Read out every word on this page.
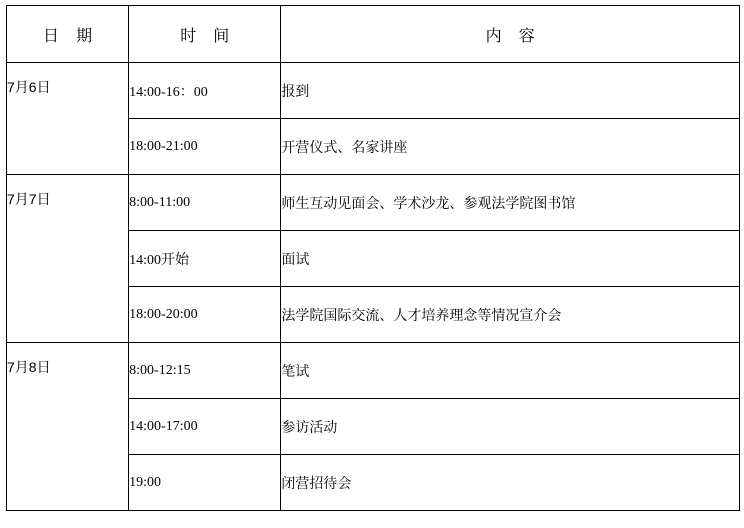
日 期	时 间	内 容
7月6日	14:00-16：00	报到
	18:00-21:00	开营仪式、名家讲座
7月7日	8:00-11:00	师生互动见面会、学术沙龙、参观法学院图书馆
	14:00开始	面试
	18:00-20:00	法学院国际交流、人才培养理念等情况宣介会
7月8日	8:00-12:15	笔试
	14:00-17:00	参访活动
	19:00	闭营招待会
